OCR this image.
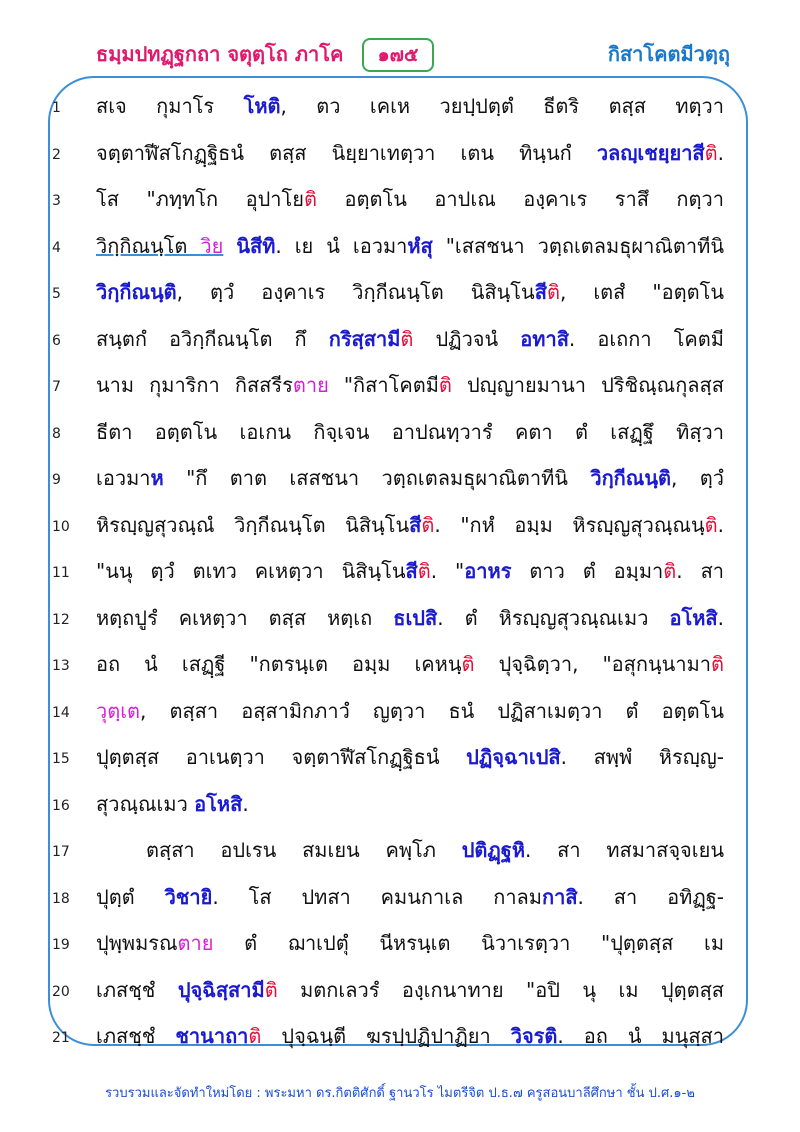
ธมฺมปทฏฺฐกถา จตุตฺโถ ภาโค	๑๗๕	กิสาโคตมีวตฺถุ
1	สเจ กุมาโร โหติ, ตว เคเห วยปฺปตฺตํ ธีตริ ตสฺส ทตฺวา
2	จตฺตาฬีสโกฏฺฐิธนํ ตสฺส นิยฺยาเทตฺวา เตน ทินฺนกํ วลญฺเชยฺยาสีติ.
3	โส "ภทฺทโก อุปาโยติ อตฺตโน อาปเณ องฺคาเร ราสึ กตฺวา
4	วิกฺกิณนฺโต วิย นิสีทิ. เย นํ เอวมาหํสุ "เสสชนา วตฺถเตลมธุผาณิตาทีนิ
5	วิกฺกีณนฺติ, ตฺวํ องฺคาเร วิกฺกีณนฺโต นิสินฺโนสีติ, เตสํ "อตฺตโน
6	สนฺตกํ อวิกฺกีณนฺโต กึ กริสฺสามีติ ปฏิวจนํ อทาสิ. อเถกา โคตมี
7	นาม กุมาริกา กิสสรีรตาย "กิสาโคตมีติ ปญฺญายมานา ปริชิณฺณกุลสฺส
8	ธีตา อตฺตโน เอเกน กิจฺเจน อาปณทฺวารํ คตา ตํ เสฏฺฐึ ทิสฺวา
9	เอวมาห "กึ ตาต เสสชนา วตฺถเตลมธุผาณิตาทีนิ วิกฺกีณนฺติ, ตฺวํ
10	หิรญฺญสุวณฺณํ วิกฺกีณนฺโต นิสินฺโนสีติ. "กหํ อมฺม หิรญฺญสุวณฺณนฺติ.
11	"นนุ ตฺวํ ตเทว คเหตฺวา นิสินฺโนสีติ. "อาหร ตาว ตํ อมฺมาติ. สา
12	หตฺถปูรํ คเหตฺวา ตสฺส หตฺเถ ธเปสิ. ตํ หิรญฺญสุวณฺณเมว อโหสิ.
13	อถ นํ เสฏฺฐี "กตรนฺเต อมฺม เคหนฺติ ปุจฺฉิตฺวา, "อสุกนฺนามาติ
14	วุตฺเต, ตสฺสา อสฺสามิกภาวํ ญตฺวา ธนํ ปฏิสาเมตฺวา ตํ อตฺตโน
15	ปุตฺตสฺส อาเนตฺวา จตฺตาฬีสโกฏฺฐิธนํ ปฏิจฺฉาเปสิ. สพฺพํ หิรญฺญ-
16	สุวณฺณเมว อโหสิ.
17	ตสฺสา อปเรน สมเยน คพฺโภ ปติฏฺฐหิ. สา ทสมาสจฺจเยน
18	ปุตฺตํ วิชายิ. โส ปทสา คมนกาเล กาลมกาสิ. สา อทิฏฺฐ-
19	ปุพฺพมรณตาย ตํ ฌาเปตุํ นีหรนฺเต นิวาเรตฺวา "ปุตฺตสฺส เม
20	เภสชฺชํ ปุจฺฉิสฺสามีติ มตกเลวรํ องฺเกนาทาย "อปิ นุ เม ปุตฺตสฺส
21	เภสชฺชํ ชานาถาติ ปุจฺฉนฺตี ฆรปฺปฏิปาฏิยา วิจรติ. อถ นํ มนุสฺสา
รวบรวมและจัดทำใหม่โดย : พระมหา ดร.กิตติศักดิ์ ฐานวโร ไมตรีจิต ป.ธ.๗ ครูสอนบาลีศึกษา ชั้น ป.ศ.๑-๒
